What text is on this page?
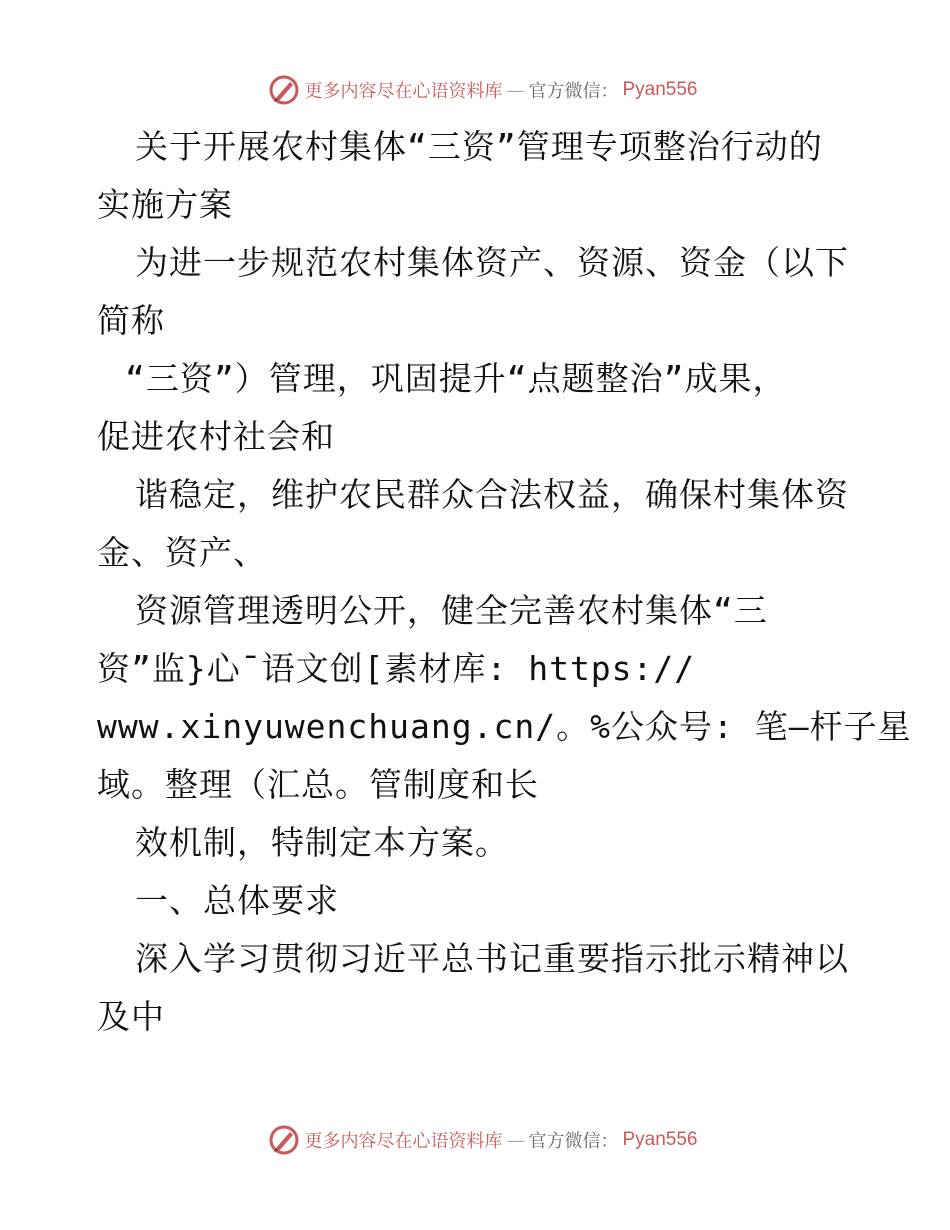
更多内容尽在心语资料库 — 官方微信： Pyan556
关于开展农村集体“三资”管理专项整治行动的
实施方案
为进一步规范农村集体资产、资源、资金（以下
简称
“三资”）管理，巩固提升“点题整治”成果，
促进农村社会和
谐稳定，维护农民群众合法权益，确保村集体资
金、资产、
资源管理透明公开，健全完善农村集体“三
资”监}心¯语文创[素材库: https://
www.xinyuwenchuang.cn/。%公众号: 笔—杆子星
域。整理（汇总。管制度和长
效机制，特制定本方案。
一、总体要求
深入学习贯彻习近平总书记重要指示批示精神以
及中
更多内容尽在心语资料库 — 官方微信： Pyan556
